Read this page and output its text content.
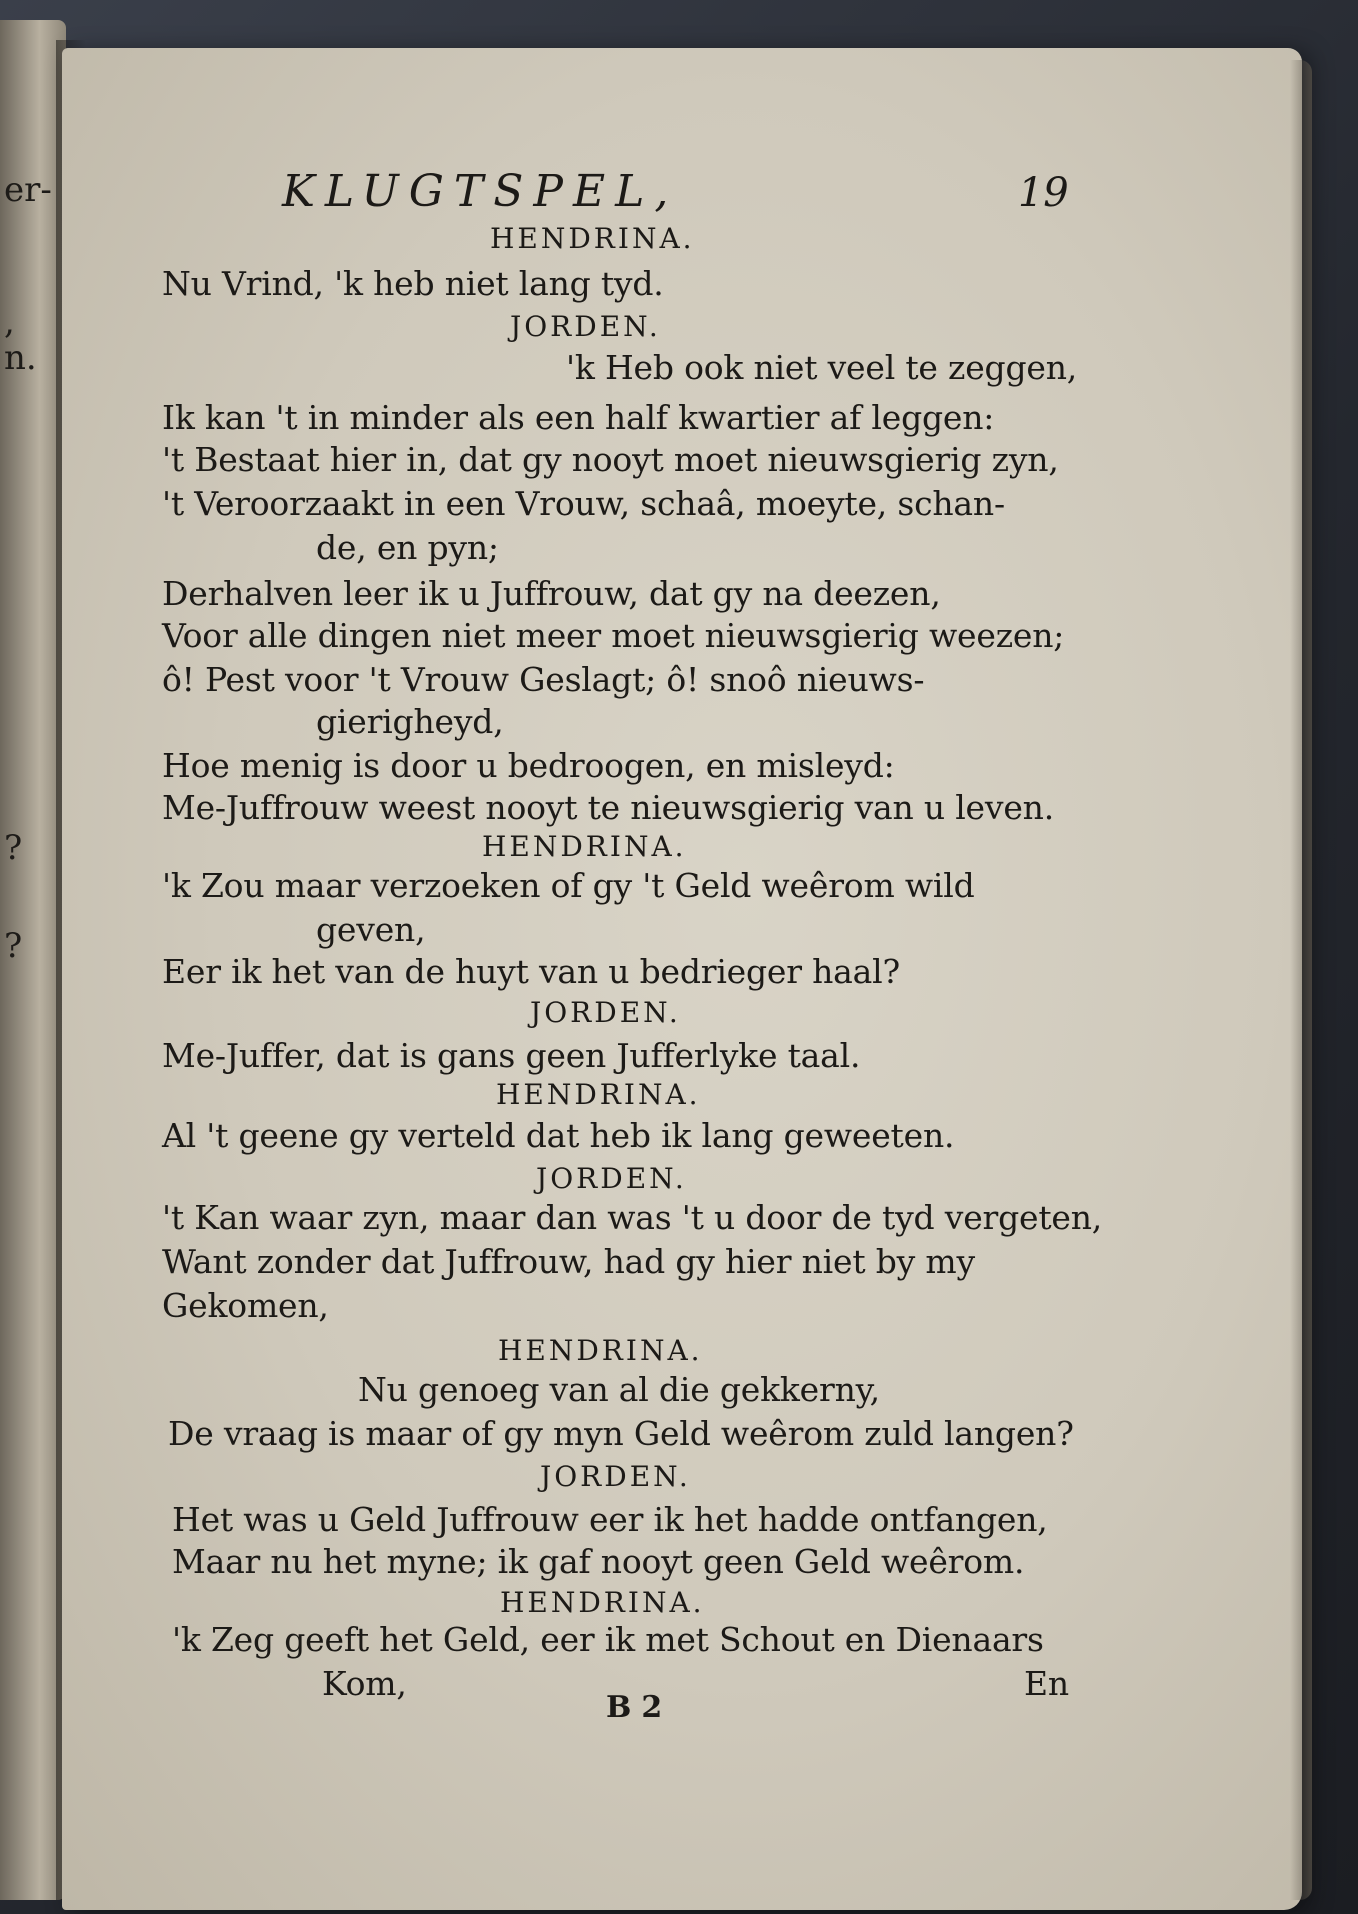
er-
,
n.
?
?
KLUGTSPEL,	19
HENDRINA.
Nu Vrind, 'k heb niet lang tyd.
JORDEN.
'k Heb ook niet veel te zeggen,
Ik kan 't in minder als een half kwartier af leggen:
't Bestaat hier in, dat gy nooyt moet nieuwsgierig zyn,
't Veroorzaakt in een Vrouw, schaâ, moeyte, schan-
de, en pyn;
Derhalven leer ik u Juffrouw, dat gy na deezen,
Voor alle dingen niet meer moet nieuwsgierig weezen;
ô! Pest voor 't Vrouw Geslagt; ô! snoô nieuws-
gierigheyd,
Hoe menig is door u bedroogen, en misleyd:
Me-Juffrouw weest nooyt te nieuwsgierig van u leven.
HENDRINA.
'k Zou maar verzoeken of gy 't Geld weêrom wild
geven,
Eer ik het van de huyt van u bedrieger haal?
JORDEN.
Me-Juffer, dat is gans geen Jufferlyke taal.
HENDRINA.
Al 't geene gy verteld dat heb ik lang geweeten.
JORDEN.
't Kan waar zyn, maar dan was 't u door de tyd vergeten,
Want zonder dat Juffrouw, had gy hier niet by my
Gekomen,
HENDRINA.
Nu genoeg van al die gekkerny,
De vraag is maar of gy myn Geld weêrom zuld langen?
JORDEN.
Het was u Geld Juffrouw eer ik het hadde ontfangen,
Maar nu het myne; ik gaf nooyt geen Geld weêrom.
HENDRINA.
'k Zeg geeft het Geld, eer ik met Schout en Dienaars
Kom,
B 2
En
